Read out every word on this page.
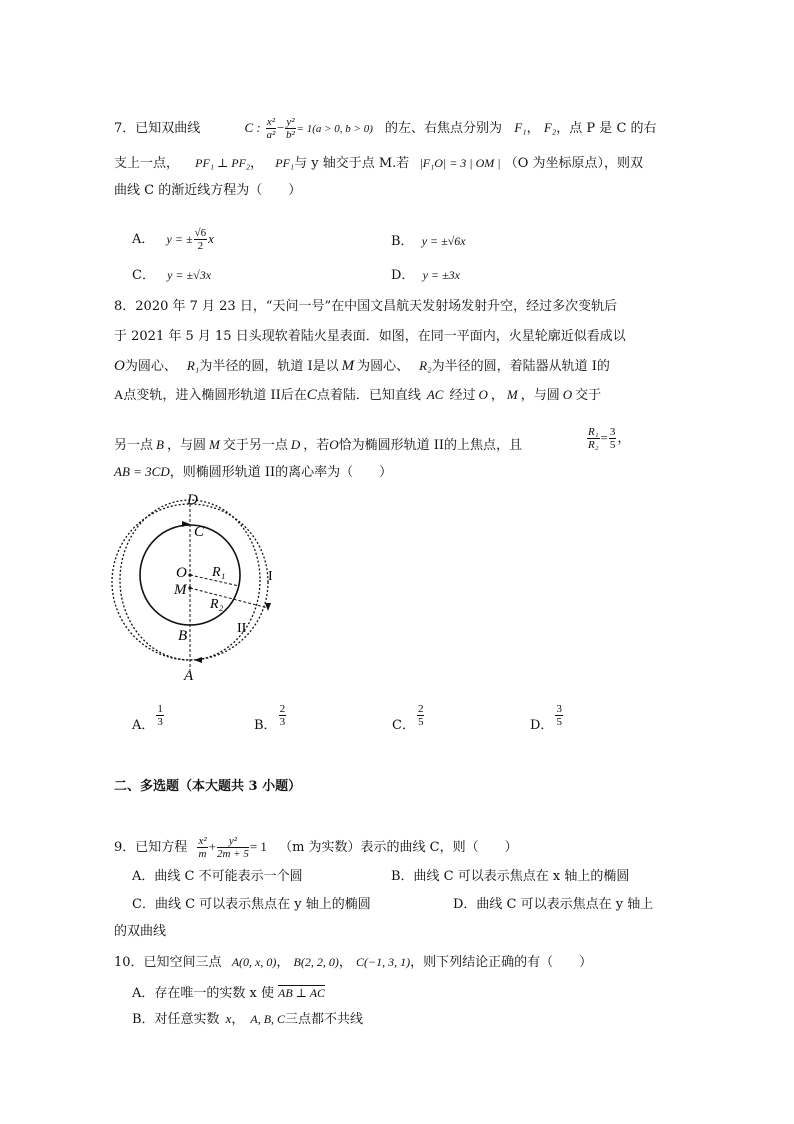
7．已知双曲线	C : $\frac{\text{x²}}{\text{a²}} - \frac{\text{y²}}{\text{b²}} = 1(a > 0$, b > 0) 的左、右焦点分别为 F₁， F₂，点 P 是 C 的右
支上一点， PF₁ ⊥ PF₂， PF₁与 y 轴交于点 M.若 |F₁O| = 3 | OM | （O 为坐标原点），则双
曲线 C 的渐近线方程为（　　）
A． y = ± $\frac{√6}{2}$ x	B． y = ±√6x
C． y = ±√3x	D． y = ±3x
8．2020 年 7 月 23 日，“天问一号”在中国文昌航天发射场发射升空，经过多次变轨后
于 2021 年 5 月 15 日头现软着陆火星表面．如图，在同一平面内，火星轮廓近似看成以
O为圆心、 R₁为半径的圆，轨道 I是以 M 为圆心、 R₂为半径的圆，着陆器从轨道 I的
A点变轨，进入椭圆形轨道 II后在C点着陆．已知直线 AC 经过 O ， M ，与圆 O 交于
另一点 B ，与圆 M 交于另一点 D ，若O恰为椭圆形轨道 II的上焦点，且	$\frac{\text{R₁}}{\text{R₂}} = \frac{3}{5}$ ，
AB = 3CD，则椭圆形轨道 II的离心率为（　　）
D
C
O
M
R₁
R₂
I
II
B
A
A． $\frac{1}{3}$	B． $\frac{2}{3}$	C． $\frac{2}{5}$	D． $\frac{3}{5}$
二、多选题（本大题共 3 小题）
9．已知方程 $\frac{\text{x²}}{m} + \frac{\text{y²}}{2m + 5} = 1$ （m 为实数）表示的曲线 C，则（　　）
A．曲线 C 不可能表示一个圆	B．曲线 C 可以表示焦点在 x 轴上的椭圆
C．曲线 C 可以表示焦点在 y 轴上的椭圆	D．曲线 C 可以表示焦点在 y 轴上
的双曲线
10．已知空间三点 A(0, x, 0)， B(2, 2, 0)， C(−1, 3, 1)，则下列结论正确的有（　　）
A．存在唯一的实数 x 使 AB ⊥ AC
B．对任意实数 x， A, B, C三点都不共线
